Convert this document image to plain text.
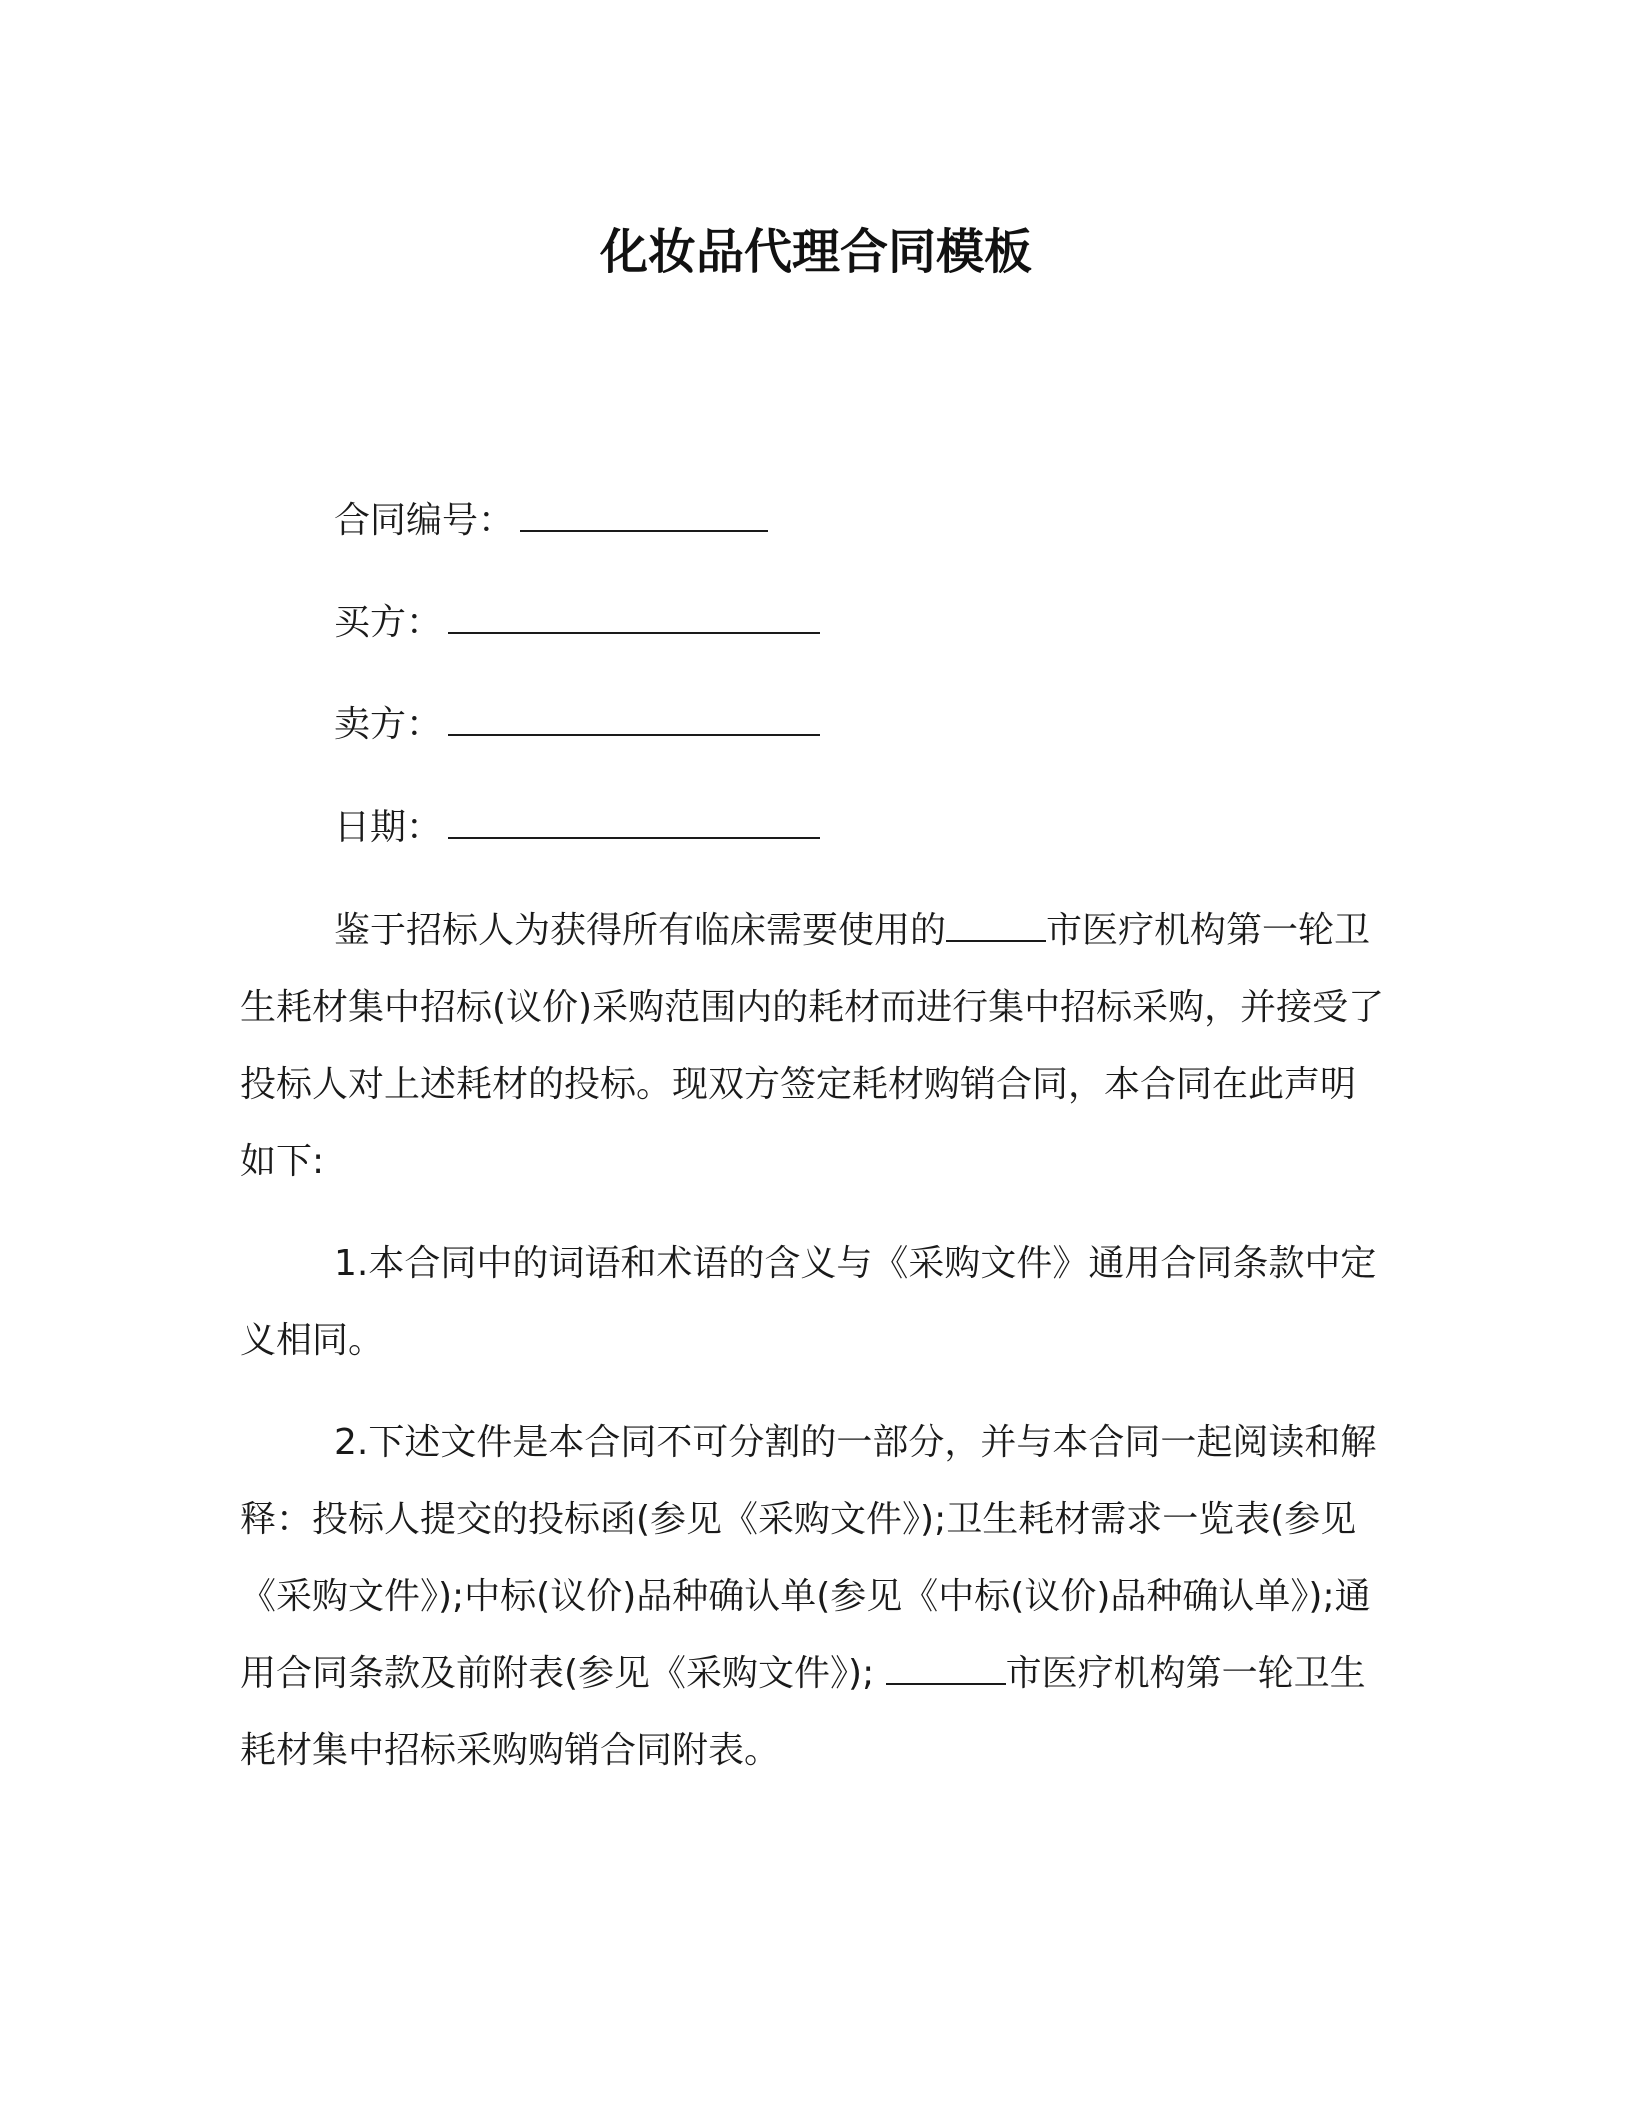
化妆品代理合同模板
合同编号：
买方：
卖方：
日期：
鉴于招标人为获得所有临床需要使用的	市医疗机构第一轮卫生耗材集中招标(议价)采购范围内的耗材而进行集中招标采购，并接受了投标人对上述耗材的投标。现双方签定耗材购销合同，本合同在此声明如下:
1.本合同中的词语和术语的含义与《采购文件》通用合同条款中定义相同。
2.下述文件是本合同不可分割的一部分，并与本合同一起阅读和解释：投标人提交的投标函(参见《采购文件》);卫生耗材需求一览表(参见《采购文件》);中标(议价)品种确认单(参见《中标(议价)品种确认单》);通用合同条款及前附表(参见《采购文件》);	市医疗机构第一轮卫生耗材集中招标采购购销合同附表。
